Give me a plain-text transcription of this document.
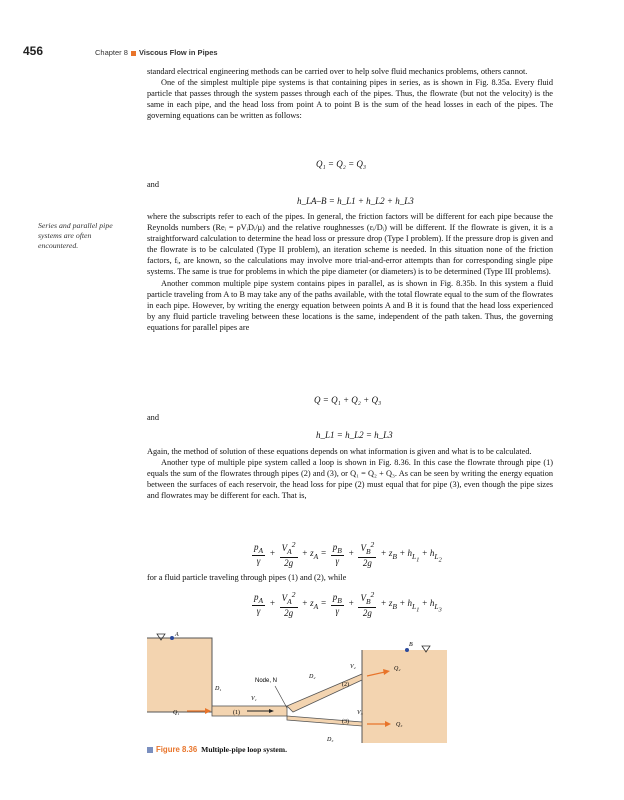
456	Chapter 8 Viscous Flow in Pipes

standard electrical engineering methods can be carried over to help solve fluid mechanics problems, others cannot.

One of the simplest multiple pipe systems is that containing pipes in series, as is shown in Fig. 8.35a. Every fluid particle that passes through the system passes through each of the pipes. Thus, the flowrate (but not the velocity) is the same in each pipe, and the head loss from point A to point B is the sum of the head losses in each of the pipes. The governing equations can be written as follows:

Q₁ = Q₂ = Q₃
and
h_LA–B = h_L1 + h_L2 + h_L3
Series and parallel pipe systems are often encountered.

where the subscripts refer to each of the pipes. In general, the friction factors will be different for each pipe because the Reynolds numbers (Reᵢ = ρVᵢDᵢ/μ) and the relative roughnesses (εᵢ/Dᵢ) will be different. If the flowrate is given, it is a straightforward calculation to determine the head loss or pressure drop (Type I problem). If the pressure drop is given and the flowrate is to be calculated (Type II problem), an iteration scheme is needed. In this situation none of the friction factors, fᵢ, are known, so the calculations may involve more trial-and-error attempts than for corresponding single pipe systems. The same is true for problems in which the pipe diameter (or diameters) is to be determined (Type III problems).

Another common multiple pipe system contains pipes in parallel, as is shown in Fig. 8.35b. In this system a fluid particle traveling from A to B may take any of the paths available, with the total flowrate equal to the sum of the flowrates in each pipe. However, by writing the energy equation between points A and B it is found that the head loss experienced by any fluid particle traveling between these locations is the same, independent of the path taken. Thus, the governing equations for parallel pipes are

Q = Q₁ + Q₂ + Q₃
and
h_L1 = h_L2 = h_L3

Again, the method of solution of these equations depends on what information is given and what is to be calculated.

Another type of multiple pipe system called a loop is shown in Fig. 8.36. In this case the flowrate through pipe (1) equals the sum of the flowrates through pipes (2) and (3), or Q₁ = Q₂ + Q₃. As can be seen by writing the energy equation between the surfaces of each reservoir, the head loss for pipe (2) must equal that for pipe (3), even though the pipe sizes and flowrates may be different for each. That is,

$\frac{p_A}{\gamma} + \frac{V_A^2}{2g} + z_A = \frac{p_B}{\gamma} + \frac{V_B^2}{2g} + z_B + h_{L_1} + h_{L_2}$

for a fluid particle traveling through pipes (1) and (2), while

$\frac{p_A}{\gamma} + \frac{V_A^2}{2g} + z_A = \frac{p_B}{\gamma} + \frac{V_B^2}{2g} + z_B + h_{L_1} + h_{L_3}$
A
B
Node, N
D₁
D₂
D₃
V₁
V₂
V₃
Q₁
Q₂
Q₃
(1)
(2)
(3)
Figure 8.36 Multiple-pipe loop system.
